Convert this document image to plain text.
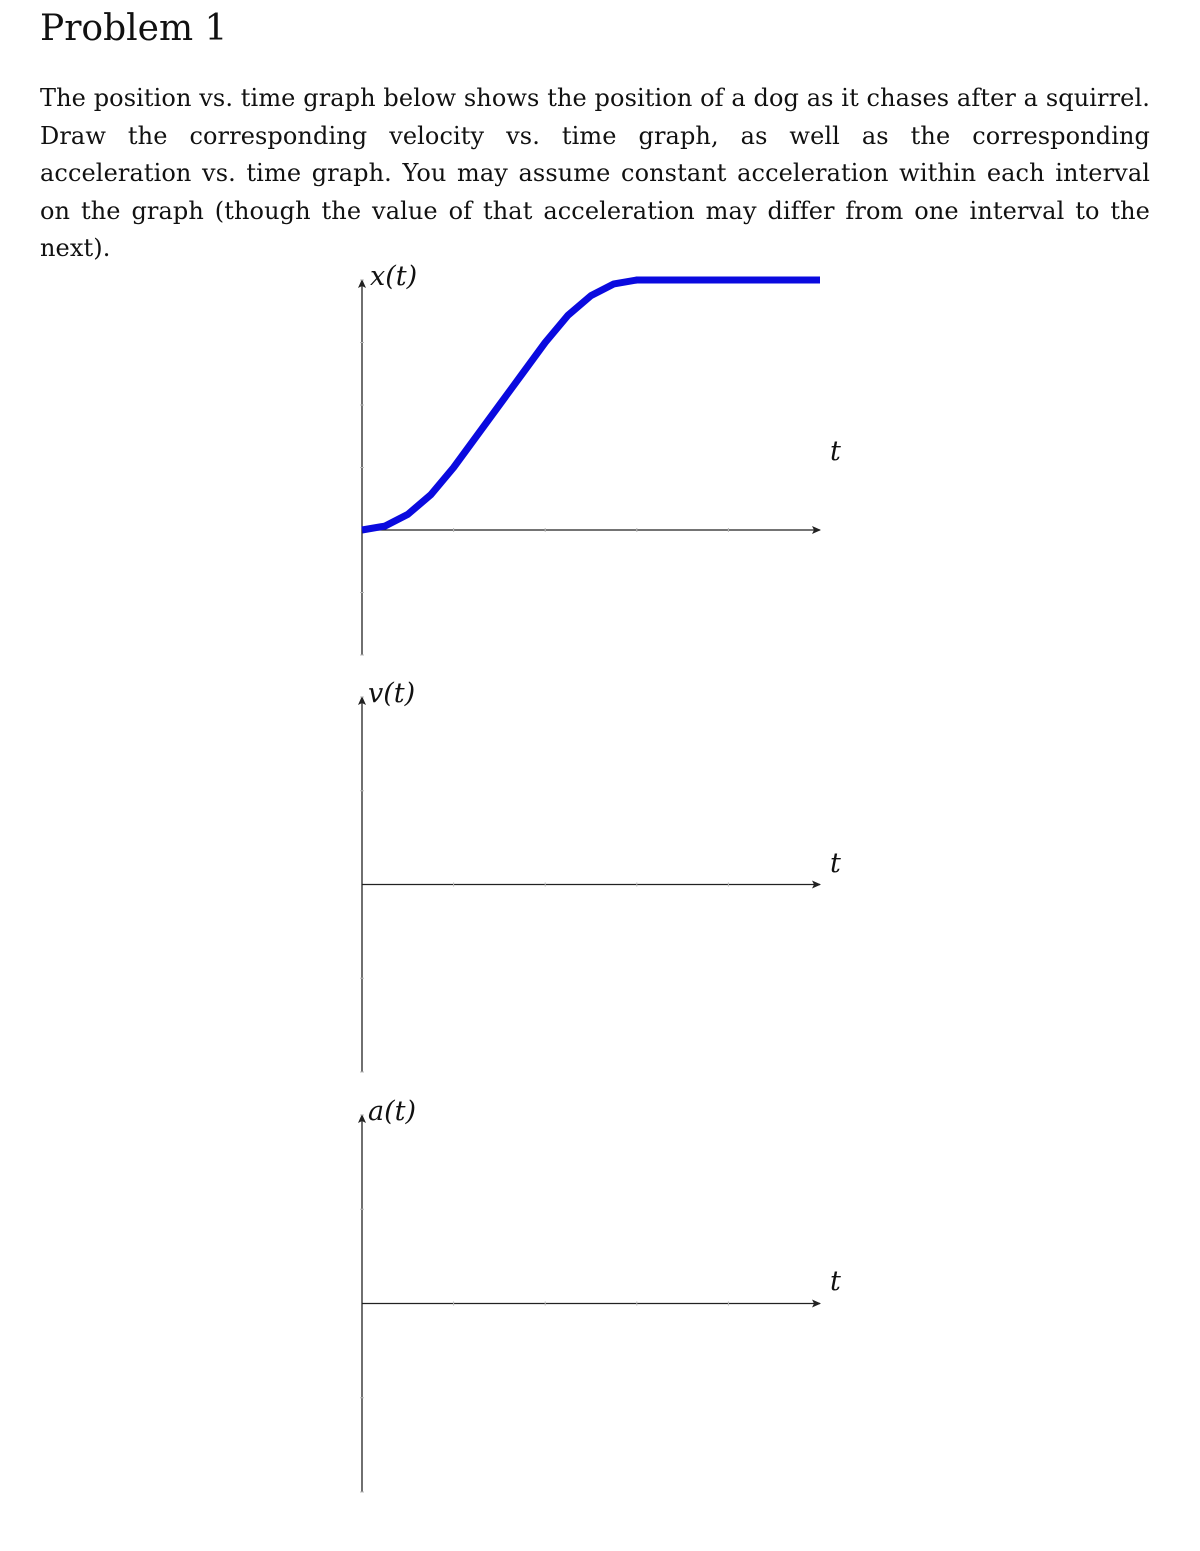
Problem 1

The position vs. time graph below shows the position of a dog as it chases after a squirrel. Draw the corresponding velocity vs. time graph, as well as the corresponding acceleration vs. time graph. You may assume constant acceleration within each interval on the graph (though the value of that acceleration may differ from one interval to the next).

x(t)
t
v(t)
t
a(t)
t
